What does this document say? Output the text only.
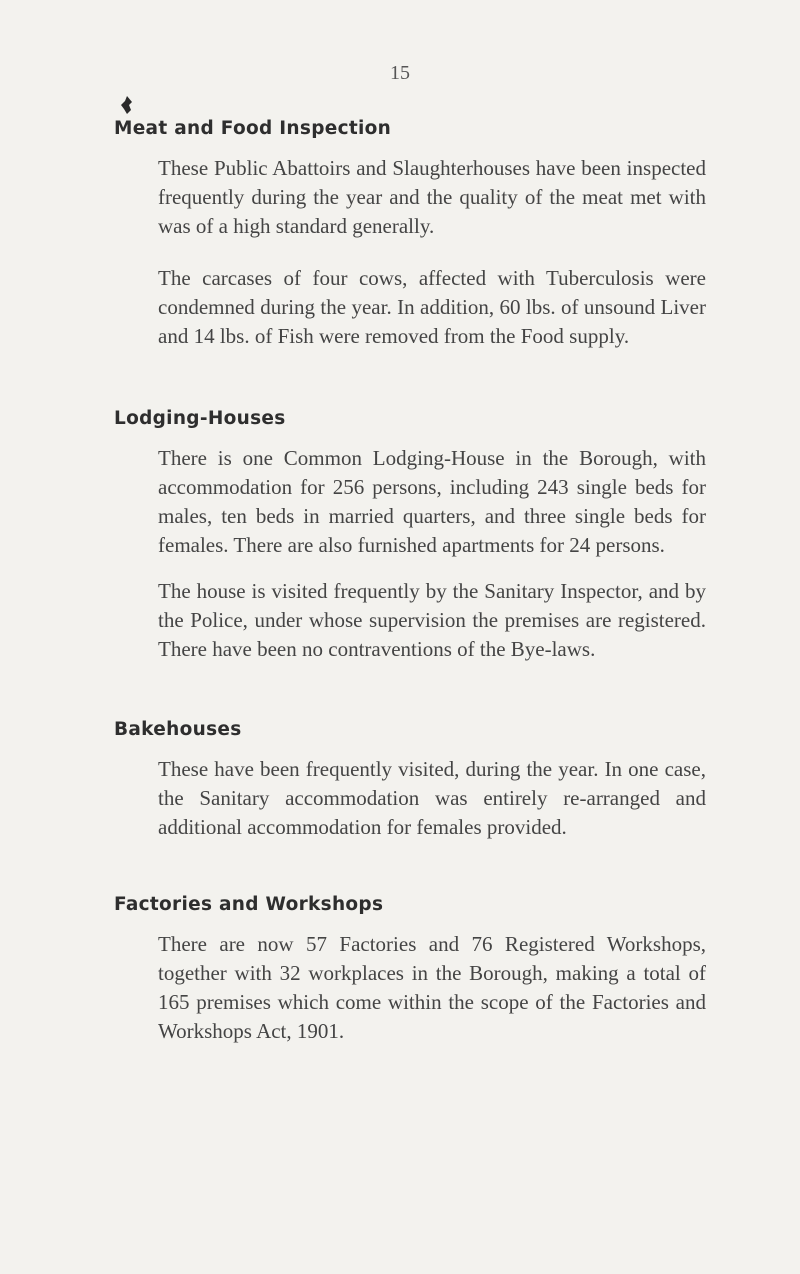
15
Meat and Food Inspection

These Public Abattoirs and Slaughterhouses have been inspected frequently during the year and the quality of the meat met with was of a high standard generally.

The carcases of four cows, affected with Tuberculosis were condemned during the year. In addition, 60 lbs. of unsound Liver and 14 lbs. of Fish were removed from the Food supply.

Lodging-Houses

There is one Common Lodging-House in the Borough, with accommodation for 256 persons, including 243 single beds for males, ten beds in married quarters, and three single beds for females. There are also furnished apartments for 24 persons.

The house is visited frequently by the Sanitary Inspector, and by the Police, under whose supervision the premises are registered. There have been no contraventions of the Bye-laws.

Bakehouses

These have been frequently visited, during the year. In one case, the Sanitary accommodation was entirely re-arranged and additional accommodation for females provided.

Factories and Workshops

There are now 57 Factories and 76 Registered Workshops, together with 32 workplaces in the Borough, making a total of 165 premises which come within the scope of the Factories and Workshops Act, 1901.
